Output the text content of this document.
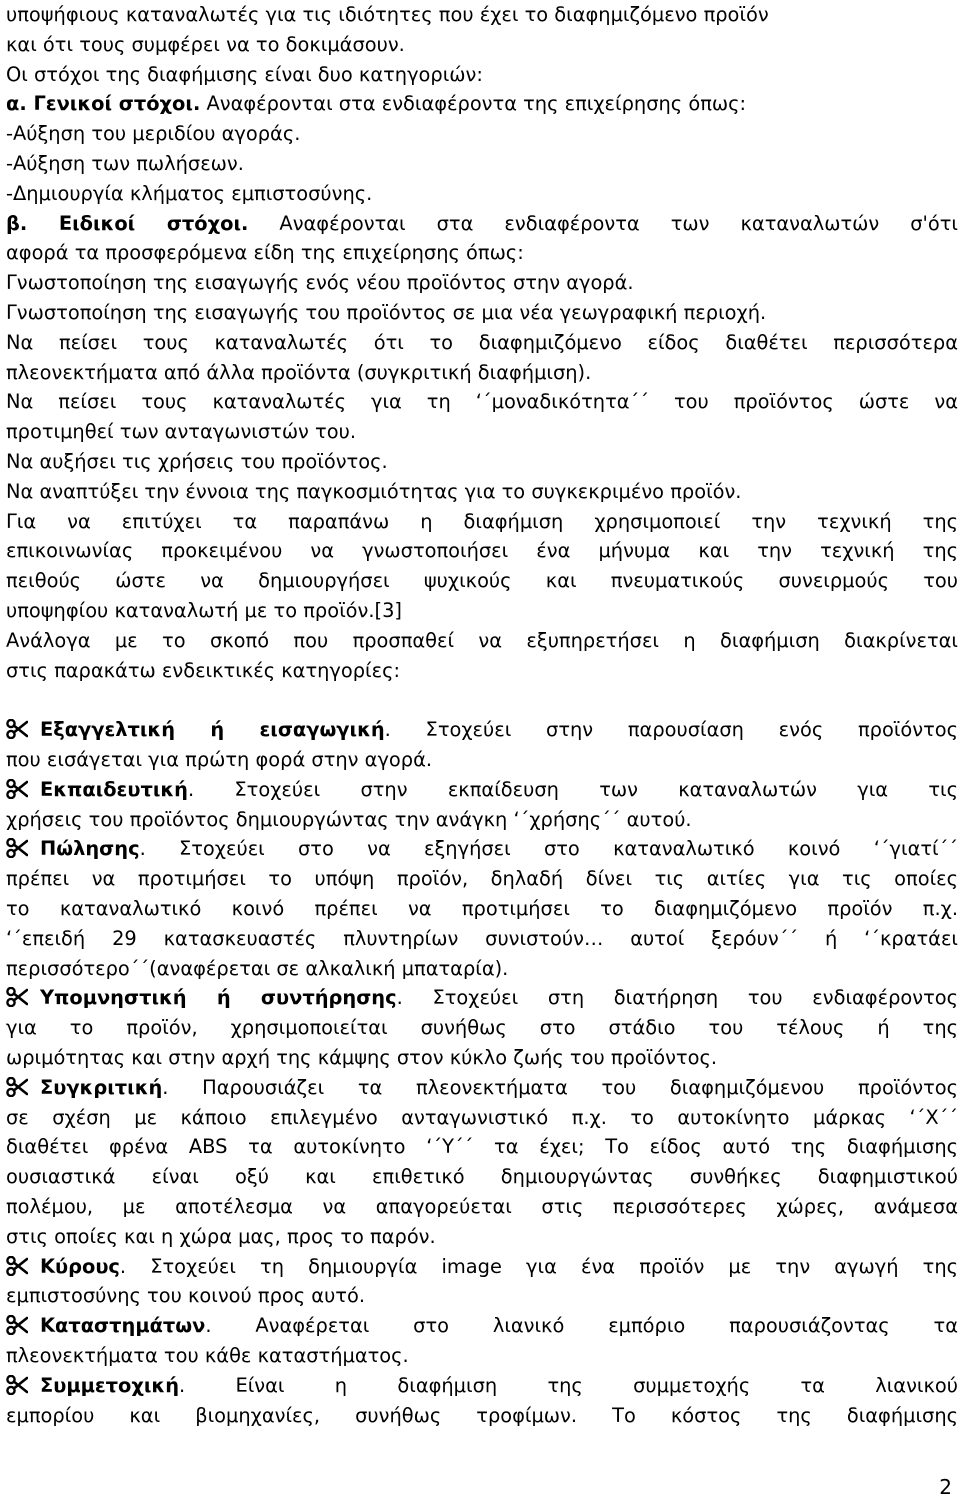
υποψήφιους καταναλωτές για τις ιδιότητες που έχει το διαφημιζόμενο προϊόν
και ότι τους συμφέρει να το δοκιμάσουν.
Οι στόχοι της διαφήμισης είναι δυο κατηγοριών:
α. Γενικοί στόχοι. Αναφέρονται στα ενδιαφέροντα της επιχείρησης όπως:
-Αύξηση του μεριδίου αγοράς.
-Αύξηση των πωλήσεων.
-Δημιουργία κλήματος εμπιστοσύνης.
β. Ειδικοί στόχοι. Αναφέρονται στα ενδιαφέροντα των καταναλωτών σ'ότι
αφορά τα προσφερόμενα είδη της επιχείρησης όπως:
Γνωστοποίηση της εισαγωγής ενός νέου προϊόντος στην αγορά.
Γνωστοποίηση της εισαγωγής του προϊόντος σε μια νέα γεωγραφική περιοχή.
Να πείσει τους καταναλωτές ότι το διαφημιζόμενο είδος διαθέτει περισσότερα
πλεονεκτήματα από άλλα προϊόντα (συγκριτική διαφήμιση).
Να πείσει τους καταναλωτές για τη ‘΄μοναδικότητα΄΄ του προϊόντος ώστε να
προτιμηθεί των ανταγωνιστών του.
Να αυξήσει τις χρήσεις του προϊόντος.
Να αναπτύξει την έννοια της παγκοσμιότητας για το συγκεκριμένο προϊόν.
Για να επιτύχει τα παραπάνω η διαφήμιση χρησιμοποιεί την τεχνική της
επικοινωνίας προκειμένου να γνωστοποιήσει ένα μήνυμα και την τεχνική της
πειθούς ώστε να δημιουργήσει ψυχικούς και πνευματικούς συνειρμούς του
υποψηφίου καταναλωτή με το προϊόν.[3]
Ανάλογα με το σκοπό που προσπαθεί να εξυπηρετήσει η διαφήμιση διακρίνεται
στις παρακάτω ενδεικτικές κατηγορίες:
Εξαγγελτική ή εισαγωγική. Στοχεύει στην παρουσίαση ενός προϊόντος
που εισάγεται για πρώτη φορά στην αγορά.
Εκπαιδευτική. Στοχεύει στην εκπαίδευση των καταναλωτών για τις
χρήσεις του προϊόντος δημιουργώντας την ανάγκη ‘΄χρήσης΄΄ αυτού.
Πώλησης. Στοχεύει στο να εξηγήσει στο καταναλωτικό κοινό ‘΄γιατί΄΄
πρέπει να προτιμήσει το υπόψη προϊόν, δηλαδή δίνει τις αιτίες για τις οποίες
το καταναλωτικό κοινό πρέπει να προτιμήσει το διαφημιζόμενο προϊόν π.χ.
‘΄επειδή 29 κατασκευαστές πλυντηρίων συνιστούν… αυτοί ξερόυν΄΄ ή ‘΄κρατάει
περισσότερο΄΄(αναφέρεται σε αλκαλική μπαταρία).
Υπομνηστική ή συντήρησης. Στοχεύει στη διατήρηση του ενδιαφέροντος
για το προϊόν, χρησιμοποιείται συνήθως στο στάδιο του τέλους ή της
ωριμότητας και στην αρχή της κάμψης στον κύκλο ζωής του προϊόντος.
Συγκριτική. Παρουσιάζει τα πλεονεκτήματα του διαφημιζόμενου προϊόντος
σε σχέση με κάποιο επιλεγμένο ανταγωνιστικό π.χ. το αυτοκίνητο μάρκας ‘΄Χ΄΄
διαθέτει φρένα ABS τα αυτοκίνητο ‘΄Υ΄΄ τα έχει; Το είδος αυτό της διαφήμισης
ουσιαστικά είναι οξύ και επιθετικό δημιουργώντας συνθήκες διαφημιστικού
πολέμου, με αποτέλεσμα να απαγορεύεται στις περισσότερες χώρες, ανάμεσα
στις οποίες και η χώρα μας, προς το παρόν.
Κύρους. Στοχεύει τη δημιουργία image για ένα προϊόν με την αγωγή της
εμπιστοσύνης του κοινού προς αυτό.
Καταστημάτων. Αναφέρεται στο λιανικό εμπόριο παρουσιάζοντας τα
πλεονεκτήματα του κάθε καταστήματος.
Συμμετοχική. Είναι η διαφήμιση της συμμετοχής τα λιανικού
εμπορίου και βιομηχανίες, συνήθως τροφίμων. Το κόστος της διαφήμισης
2
